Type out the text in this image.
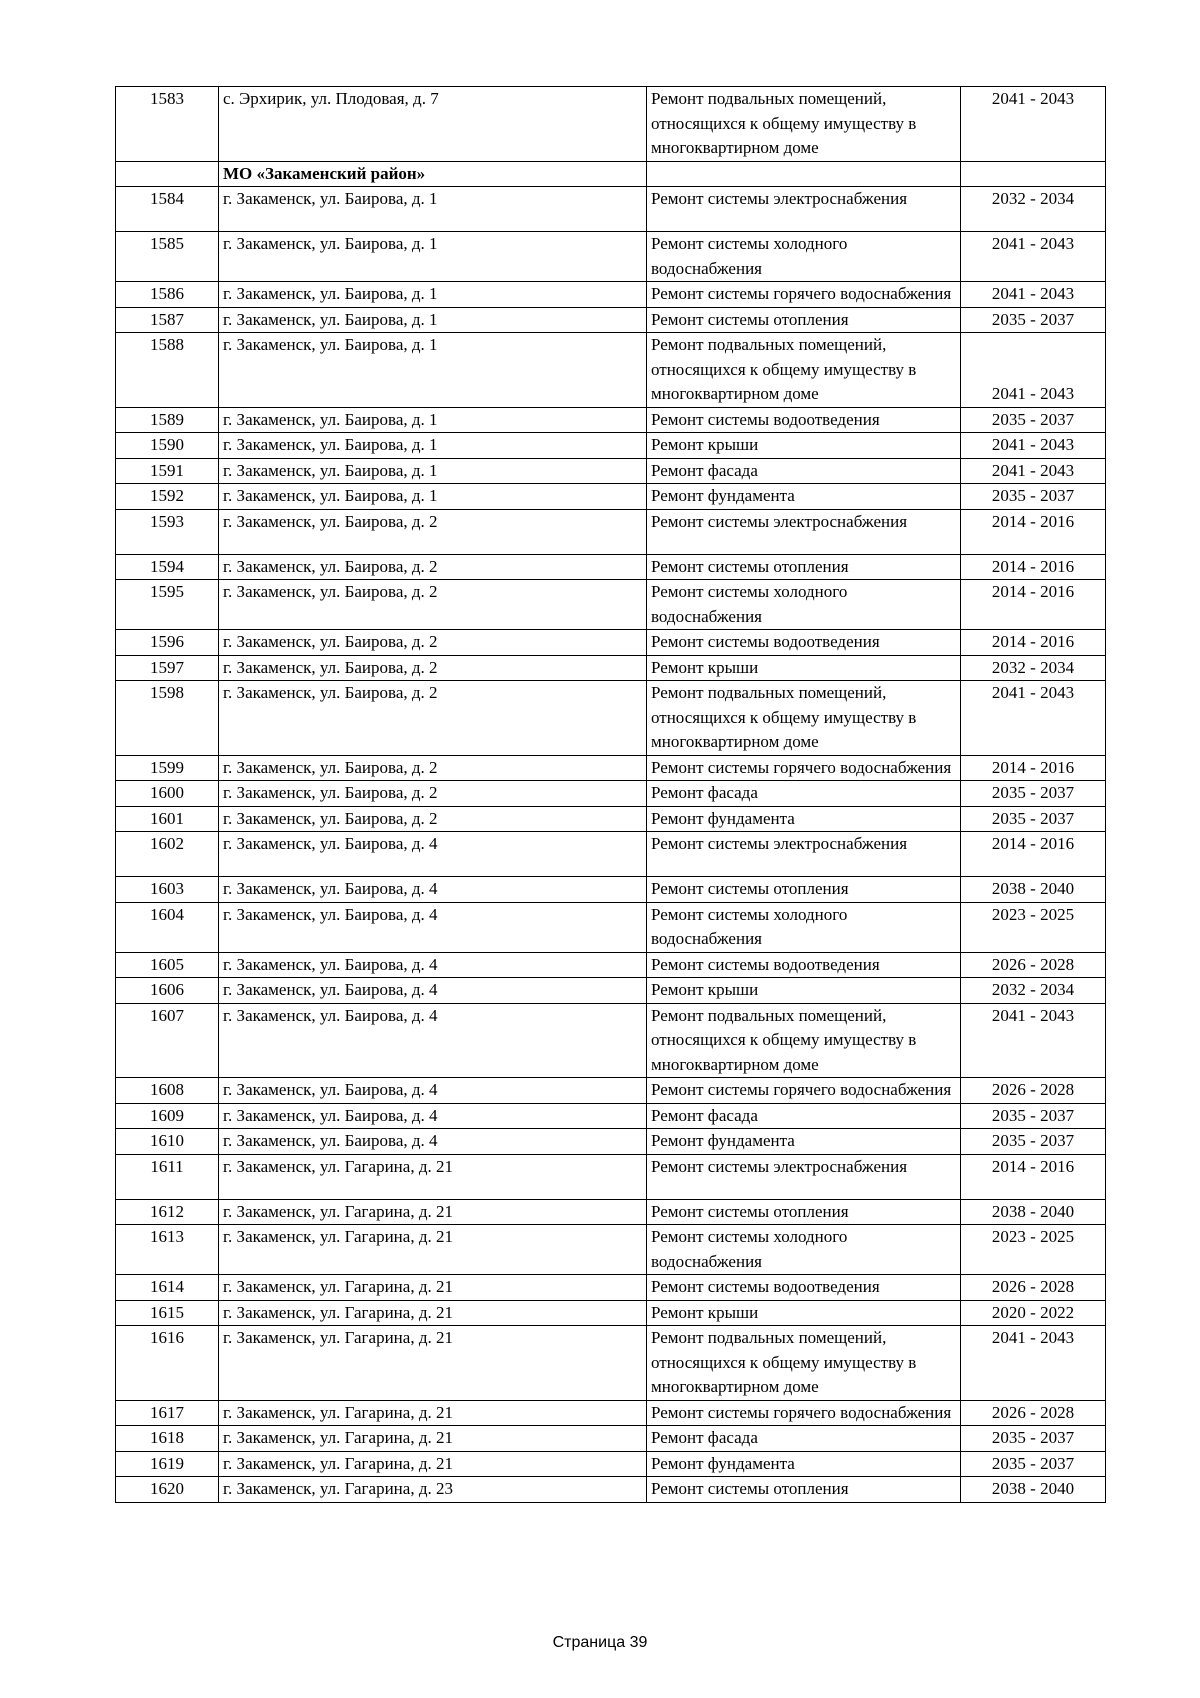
1583	с. Эрхирик, ул. Плодовая, д. 7	Ремонт подвальных помещений, относящихся к общему имуществу в многоквартирном доме	2041 - 2043
	МО «Закаменский район»		
1584	г. Закаменск, ул. Баирова, д. 1	Ремонт системы электроснабжения	2032 - 2034
1585	г. Закаменск, ул. Баирова, д. 1	Ремонт системы холодного водоснабжения	2041 - 2043
1586	г. Закаменск, ул. Баирова, д. 1	Ремонт системы горячего водоснабжения	2041 - 2043
1587	г. Закаменск, ул. Баирова, д. 1	Ремонт системы отопления	2035 - 2037
1588	г. Закаменск, ул. Баирова, д. 1	Ремонт подвальных помещений, относящихся к общему имуществу в многоквартирном доме	2041 - 2043
1589	г. Закаменск, ул. Баирова, д. 1	Ремонт системы водоотведения	2035 - 2037
1590	г. Закаменск, ул. Баирова, д. 1	Ремонт крыши	2041 - 2043
1591	г. Закаменск, ул. Баирова, д. 1	Ремонт фасада	2041 - 2043
1592	г. Закаменск, ул. Баирова, д. 1	Ремонт фундамента	2035 - 2037
1593	г. Закаменск, ул. Баирова, д. 2	Ремонт системы электроснабжения	2014 - 2016
1594	г. Закаменск, ул. Баирова, д. 2	Ремонт системы отопления	2014 - 2016
1595	г. Закаменск, ул. Баирова, д. 2	Ремонт системы холодного водоснабжения	2014 - 2016
1596	г. Закаменск, ул. Баирова, д. 2	Ремонт системы водоотведения	2014 - 2016
1597	г. Закаменск, ул. Баирова, д. 2	Ремонт крыши	2032 - 2034
1598	г. Закаменск, ул. Баирова, д. 2	Ремонт подвальных помещений, относящихся к общему имуществу в многоквартирном доме	2041 - 2043
1599	г. Закаменск, ул. Баирова, д. 2	Ремонт системы горячего водоснабжения	2014 - 2016
1600	г. Закаменск, ул. Баирова, д. 2	Ремонт фасада	2035 - 2037
1601	г. Закаменск, ул. Баирова, д. 2	Ремонт фундамента	2035 - 2037
1602	г. Закаменск, ул. Баирова, д. 4	Ремонт системы электроснабжения	2014 - 2016
1603	г. Закаменск, ул. Баирова, д. 4	Ремонт системы отопления	2038 - 2040
1604	г. Закаменск, ул. Баирова, д. 4	Ремонт системы холодного водоснабжения	2023 - 2025
1605	г. Закаменск, ул. Баирова, д. 4	Ремонт системы водоотведения	2026 - 2028
1606	г. Закаменск, ул. Баирова, д. 4	Ремонт крыши	2032 - 2034
1607	г. Закаменск, ул. Баирова, д. 4	Ремонт подвальных помещений, относящихся к общему имуществу в многоквартирном доме	2041 - 2043
1608	г. Закаменск, ул. Баирова, д. 4	Ремонт системы горячего водоснабжения	2026 - 2028
1609	г. Закаменск, ул. Баирова, д. 4	Ремонт фасада	2035 - 2037
1610	г. Закаменск, ул. Баирова, д. 4	Ремонт фундамента	2035 - 2037
1611	г. Закаменск, ул. Гагарина, д. 21	Ремонт системы электроснабжения	2014 - 2016
1612	г. Закаменск, ул. Гагарина, д. 21	Ремонт системы отопления	2038 - 2040
1613	г. Закаменск, ул. Гагарина, д. 21	Ремонт системы холодного водоснабжения	2023 - 2025
1614	г. Закаменск, ул. Гагарина, д. 21	Ремонт системы водоотведения	2026 - 2028
1615	г. Закаменск, ул. Гагарина, д. 21	Ремонт крыши	2020 - 2022
1616	г. Закаменск, ул. Гагарина, д. 21	Ремонт подвальных помещений, относящихся к общему имуществу в многоквартирном доме	2041 - 2043
1617	г. Закаменск, ул. Гагарина, д. 21	Ремонт системы горячего водоснабжения	2026 - 2028
1618	г. Закаменск, ул. Гагарина, д. 21	Ремонт фасада	2035 - 2037
1619	г. Закаменск, ул. Гагарина, д. 21	Ремонт фундамента	2035 - 2037
1620	г. Закаменск, ул. Гагарина, д. 23	Ремонт системы отопления	2038 - 2040
Страница 39
